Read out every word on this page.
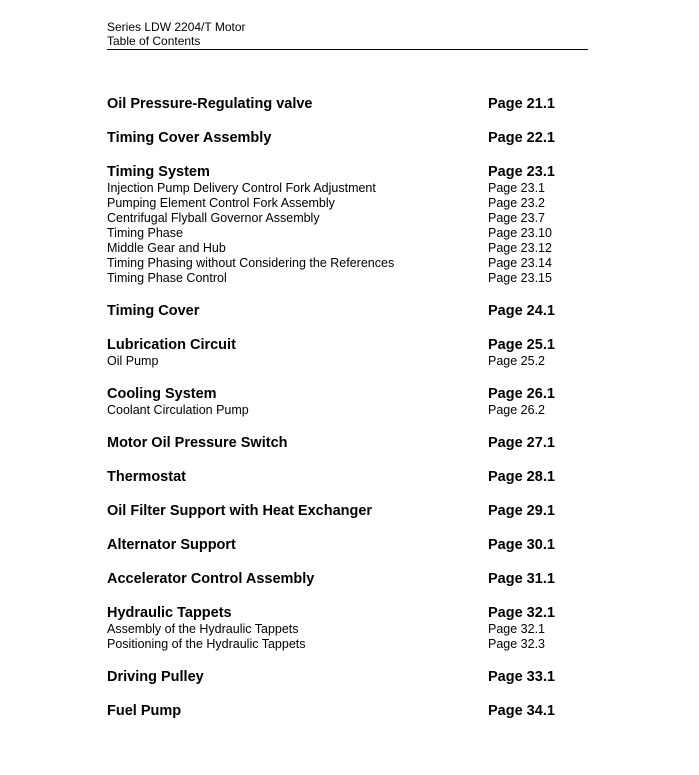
Series LDW 2204/T Motor
Table of Contents
Oil Pressure-Regulating valve	Page 21.1
Timing Cover Assembly	Page 22.1
Timing System	Page 23.1
Injection Pump Delivery Control Fork Adjustment	Page 23.1
Pumping Element Control Fork Assembly	Page 23.2
Centrifugal Flyball Governor Assembly	Page 23.7
Timing Phase	Page 23.10
Middle Gear and Hub	Page 23.12
Timing Phasing without Considering the References	Page 23.14
Timing Phase Control	Page 23.15
Timing Cover	Page 24.1
Lubrication Circuit	Page 25.1
Oil Pump	Page 25.2
Cooling System	Page 26.1
Coolant Circulation Pump	Page 26.2
Motor Oil Pressure Switch	Page 27.1
Thermostat	Page 28.1
Oil Filter Support with Heat Exchanger	Page 29.1
Alternator Support	Page 30.1
Accelerator Control Assembly	Page 31.1
Hydraulic Tappets	Page 32.1
Assembly of the Hydraulic Tappets	Page 32.1
Positioning of the Hydraulic Tappets	Page 32.3
Driving Pulley	Page 33.1
Fuel Pump	Page 34.1
